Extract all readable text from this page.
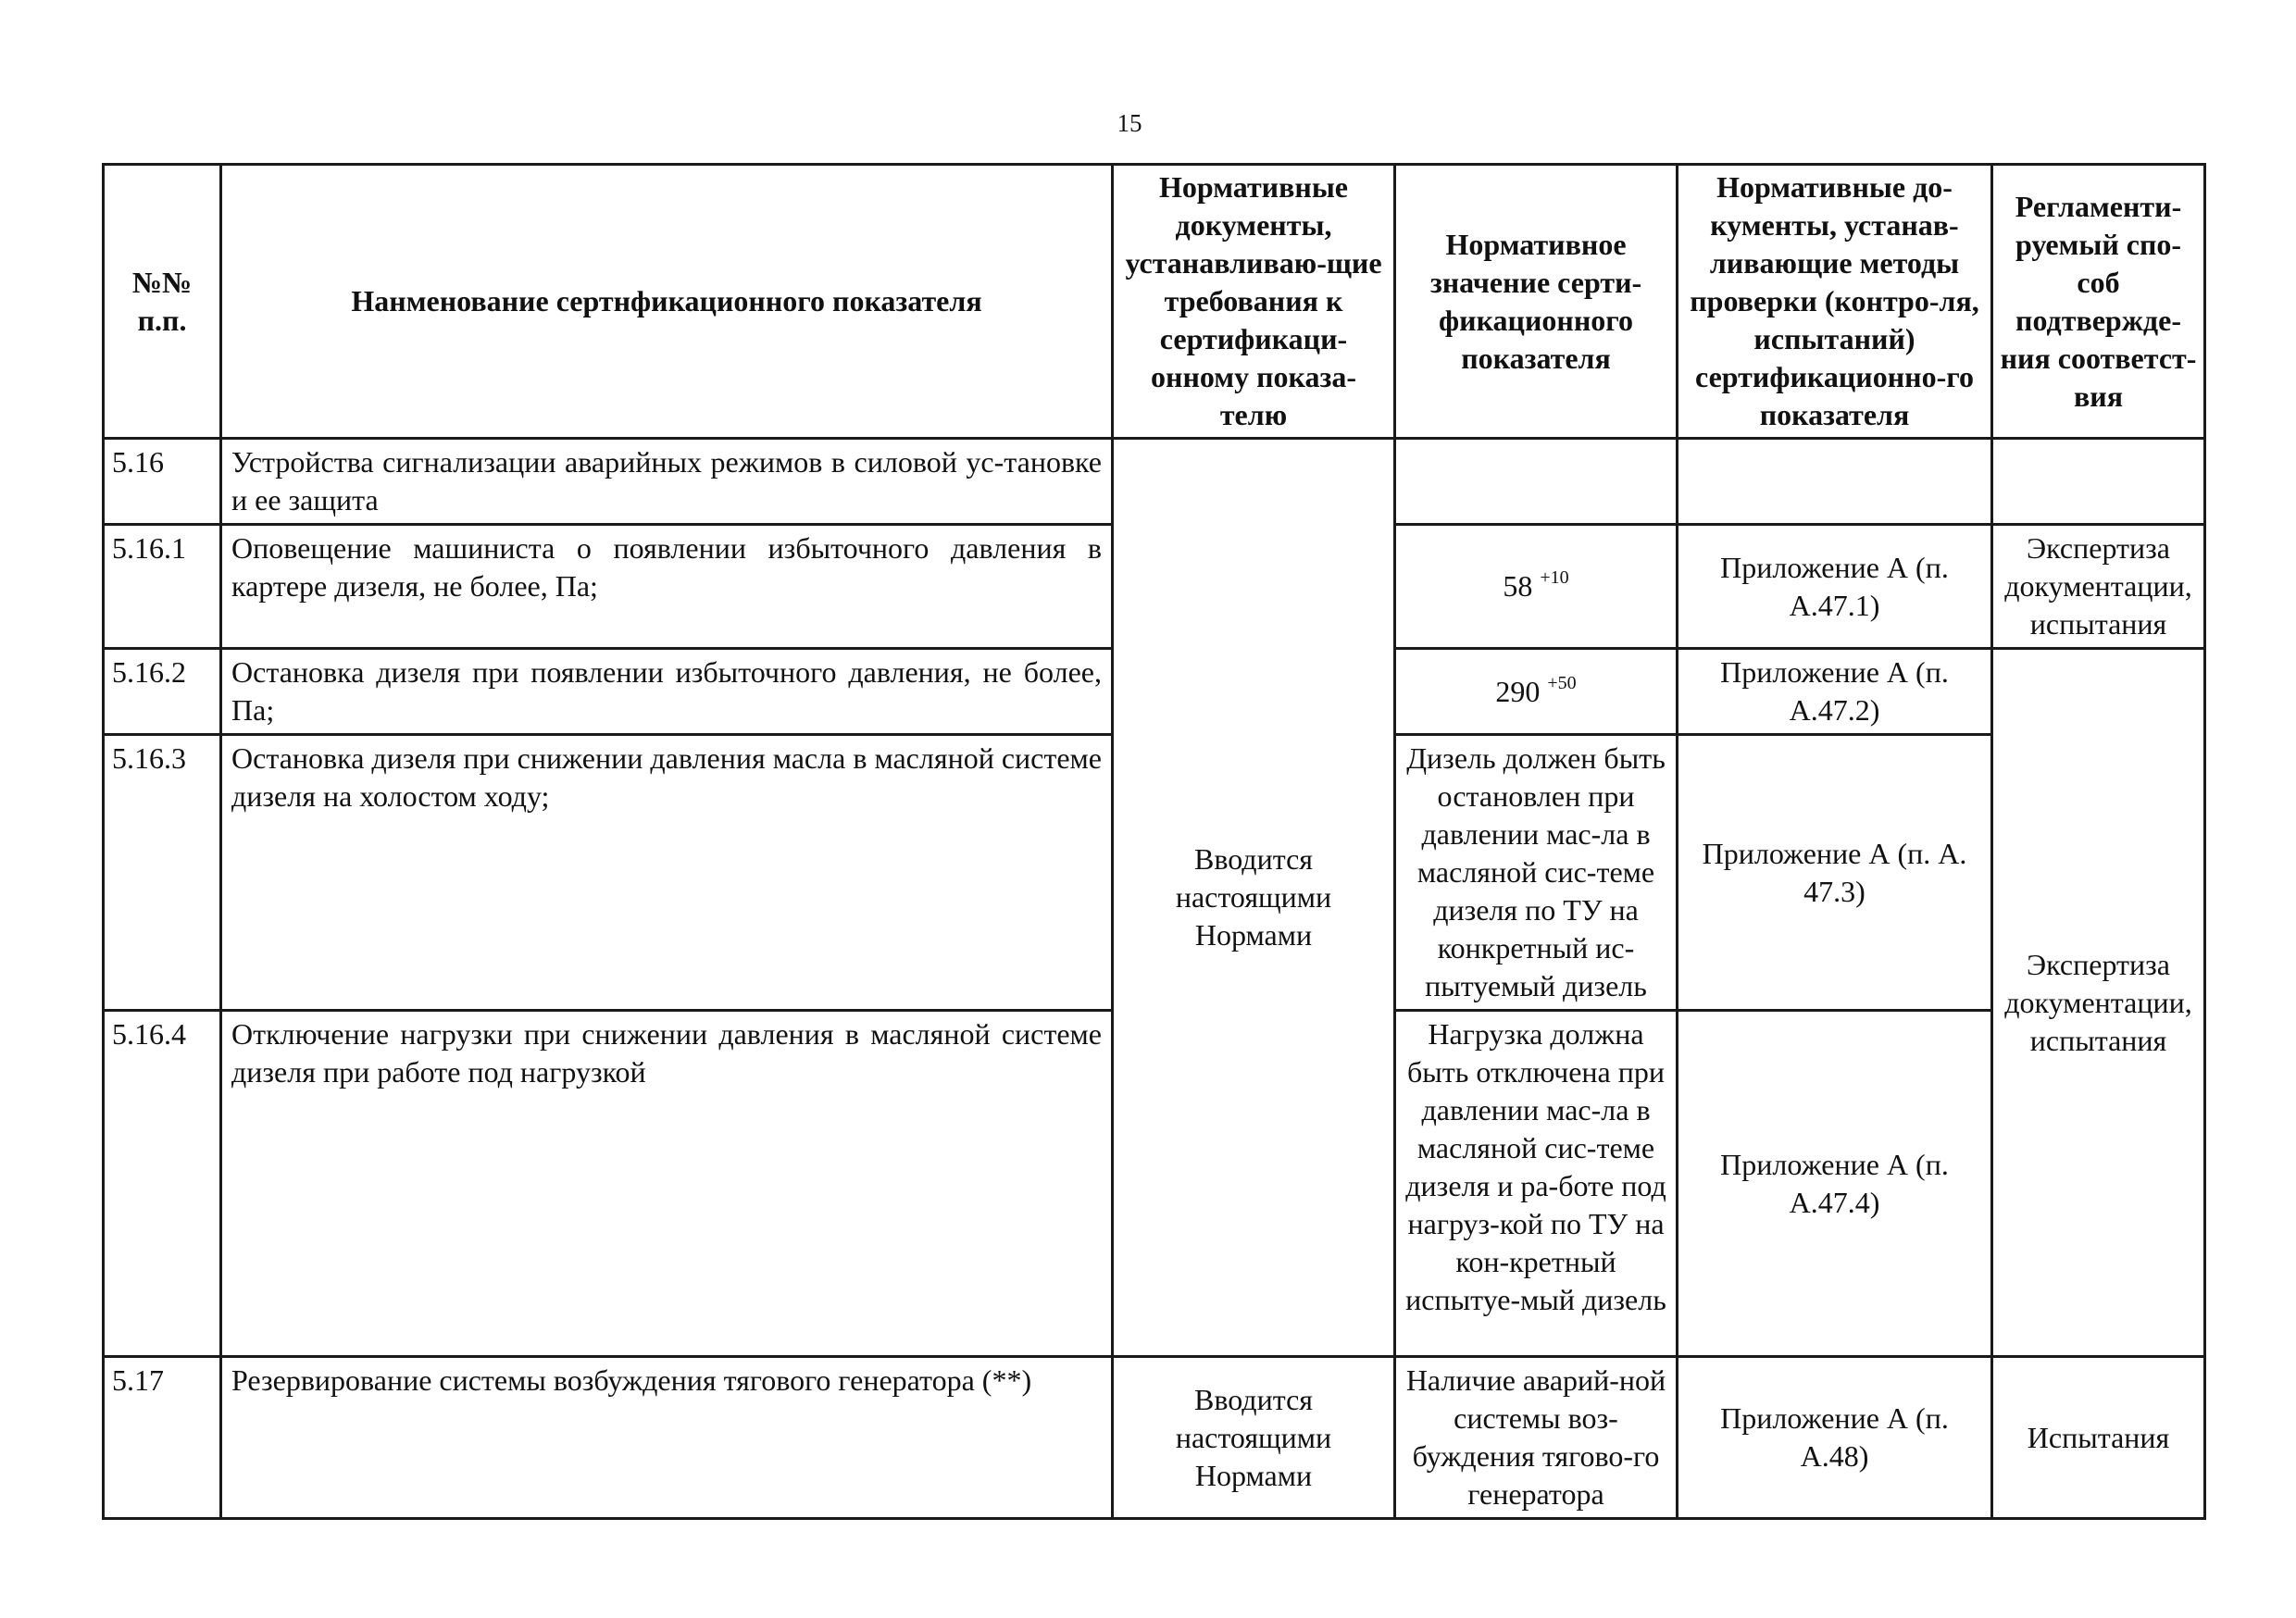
15
№№ п.п.	Нанменование сертнфикационного показателя	Нормативные документы, устанавливаю-щие требования к сертификаци-онному показа-телю	Нормативное значение серти-фикационного показателя	Нормативные до-кументы, устанав-ливающие методы проверки (контро-ля, испытаний) сертификационно-го показателя	Регламенти-руемый спо-соб подтвержде-ния соответст-вия
5.16	Устройства сигнализации аварийных режимов в силовой ус-тановке и ее защита	Вводится настоящими Нормами			
5.16.1	Оповещение машиниста о появлении избыточного давления в картере дизеля, не более, Па;		58 $^{+10}$	Приложение А (п. А.47.1)	Экспертиза документации, испытания
5.16.2	Остановка дизеля при появлении избыточного давления, не более, Па;		290 $^{+50}$	Приложение А (п. А.47.2)	Экспертиза документации, испытания
5.16.3	Остановка дизеля при снижении давления масла в масляной системе дизеля на холостом ходу;		Дизель должен быть остановлен при давлении мас-ла в масляной сис-теме дизеля по ТУ на конкретный ис-пытуемый дизель	Приложение А (п. А. 47.3)	
5.16.4	Отключение нагрузки при снижении давления в масляной системе дизеля при работе под нагрузкой		Нагрузка должна быть отключена при давлении мас-ла в масляной сис-теме дизеля и ра-боте под нагруз-кой по ТУ на кон-кретный испытуе-мый дизель	Приложение А (п. А.47.4)	
5.17	Резервирование системы возбуждения тягового генератора (**)	Вводится настоящими Нормами	Наличие аварий-ной системы воз-буждения тягово-го генератора	Приложение А (п. А.48)	Испытания
